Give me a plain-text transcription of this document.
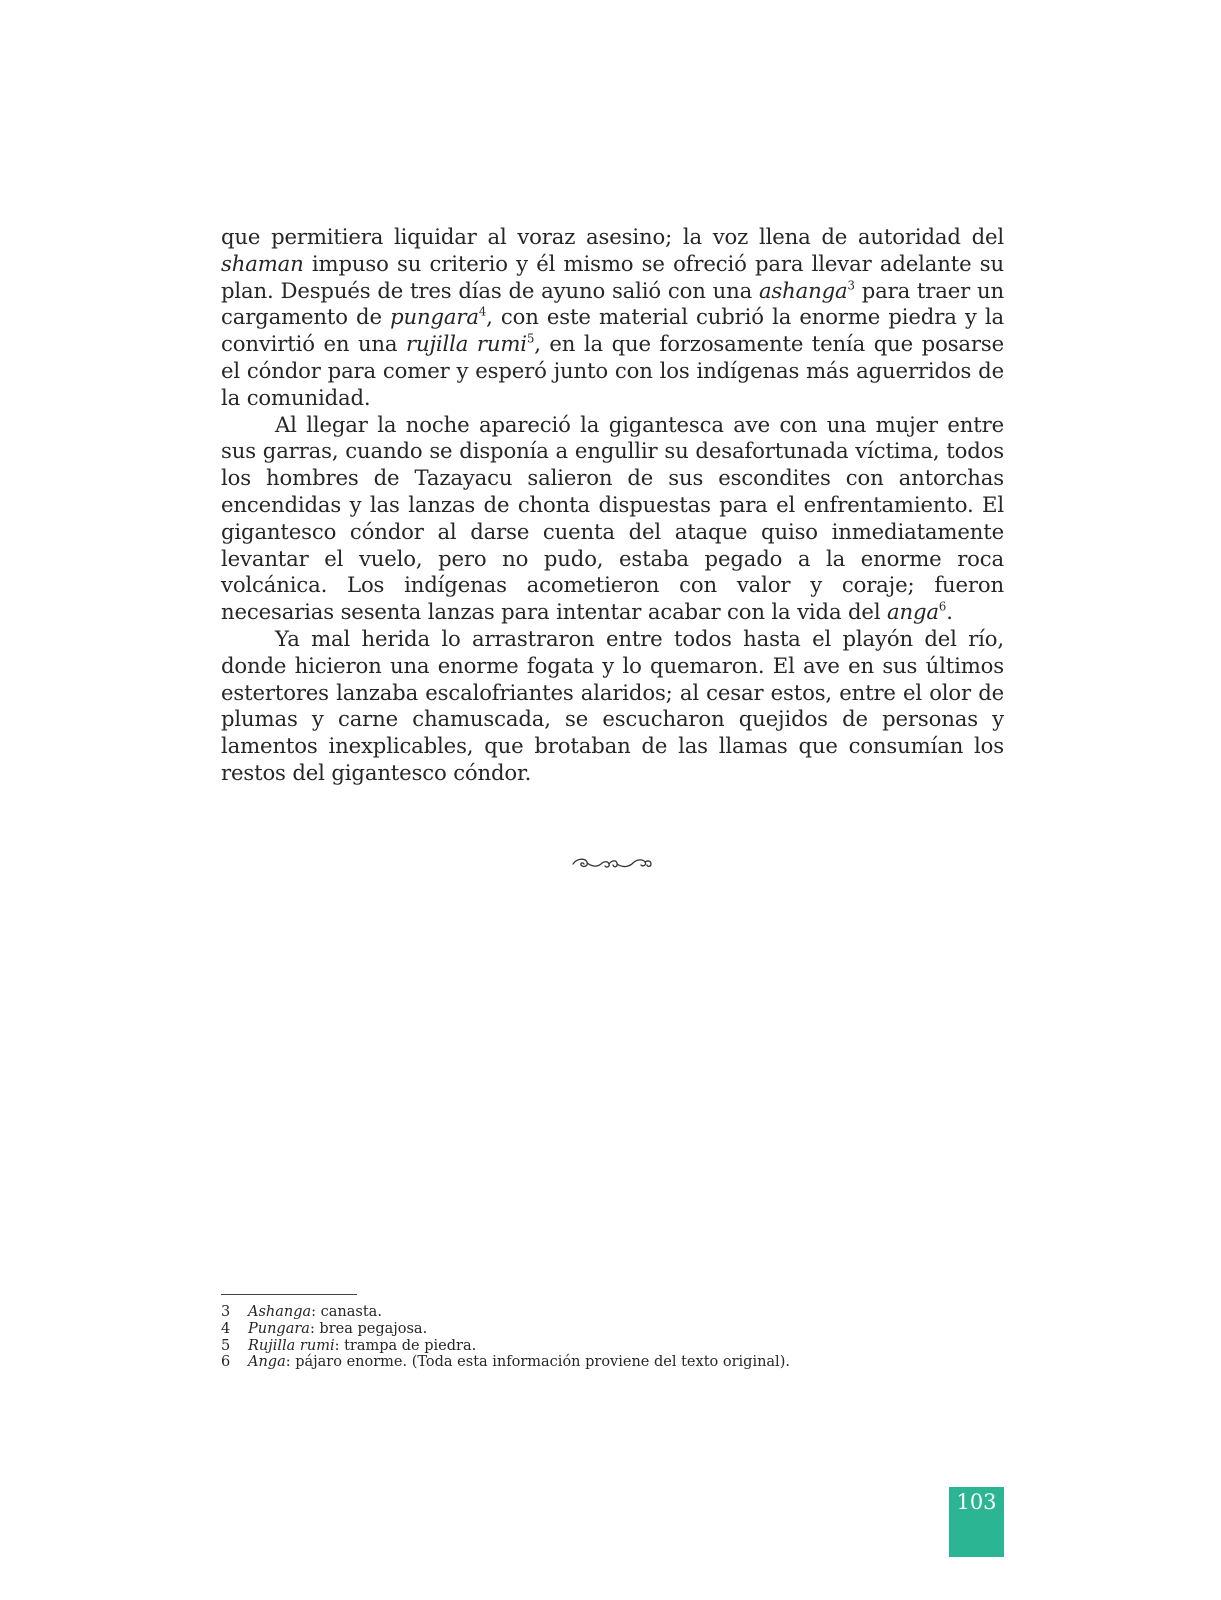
que permitiera liquidar al voraz asesino; la voz llena de autoridad del shaman impuso su criterio y él mismo se ofreció para llevar adelante su plan. Después de tres días de ayuno salió con una ashanga$^3$ para traer un cargamento de pungara$^4$, con este material cubrió la enorme piedra y la convirtió en una rujilla rumi$^5$, en la que forzosamente tenía que posarse el cóndor para comer y esperó junto con los indígenas más aguerridos de la comunidad.

Al llegar la noche apareció la gigantesca ave con una mujer entre sus garras, cuando se disponía a engullir su desafortunada víctima, todos los hombres de Tazayacu salieron de sus escondites con antorchas encendidas y las lanzas de chonta dispuestas para el enfrentamiento. El gigantesco cóndor al darse cuenta del ataque quiso inmediatamente levantar el vuelo, pero no pudo, estaba pegado a la enorme roca volcánica. Los indígenas acometieron con valor y coraje; fueron necesarias sesenta lanzas para intentar acabar con la vida del anga$^6$.

Ya mal herida lo arrastraron entre todos hasta el playón del río, donde hicieron una enorme fogata y lo quemaron. El ave en sus últimos estertores lanzaba escalofriantes alaridos; al cesar estos, entre el olor de plumas y carne chamuscada, se escucharon quejidos de personas y lamentos inexplicables, que brotaban de las llamas que consumían los restos del gigantesco cóndor.

3 Ashanga: canasta.
4 Pungara: brea pegajosa.
5 Rujilla rumi: trampa de piedra.
6 Anga: pájaro enorme. (Toda esta información proviene del texto original).
103
